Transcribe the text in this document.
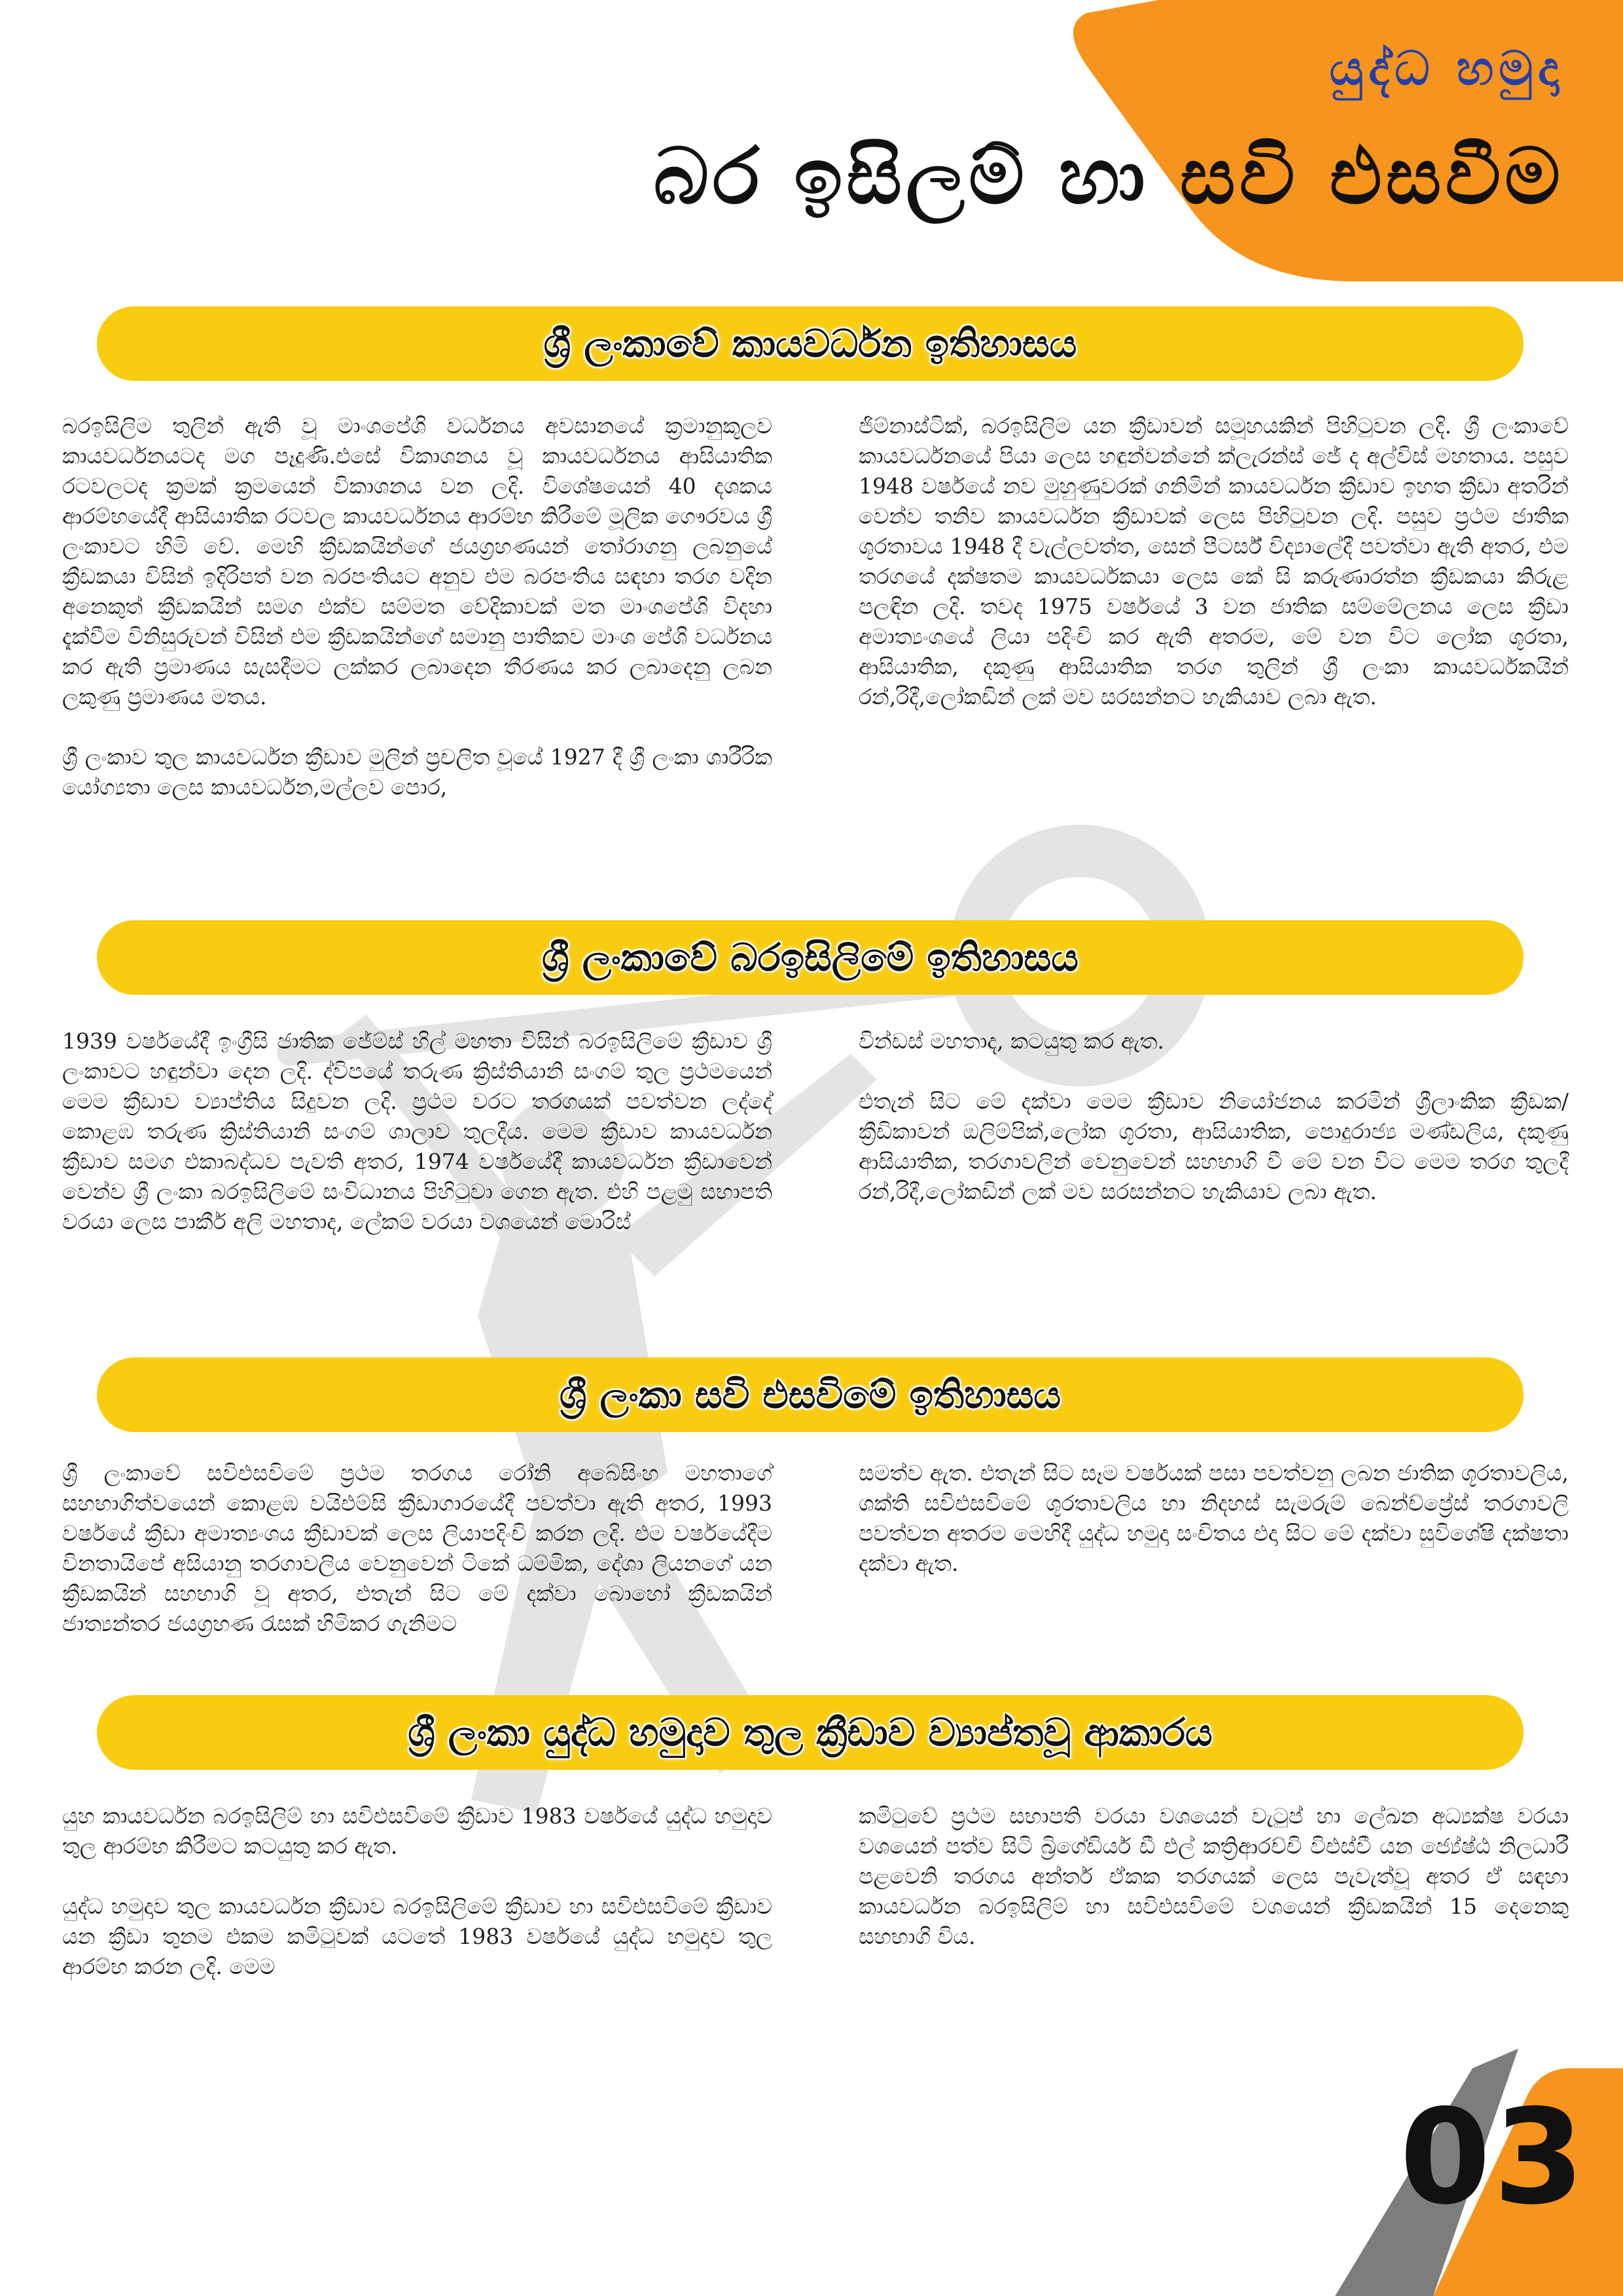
යුද්ධ හමුදා
බර ඉසිලම් හා සවි එසවීම
ශ්‍රී ලංකාවේ කායවර්ධන ඉතිහාසය

බරඉසිලිම තුලින් ඇති වූ මාංශපේශි වර්ධනය අවසානයේ ක්‍රමානුකූලව කායවර්ධනයටද මග පෑදුණි.එසේ විකාශනය වූ කායවර්ධනය ආසියාතික රටවලටද ක්‍රමක් ක්‍රමයෙන් විකාශනය වන ලදි. විශේෂයෙන් 40 දශකය ආරම්භයේදී ආසියාතික රටවල කායවර්ධනය ආරම්භ කිරීමේ මූලික ගෞරවය ශ්‍රී ලංකාවට හිමි වේ. මෙහි ක්‍රීඩකයින්ගේ ජයග්‍රහණයන් තෝරාගනු ලබනුයේ ක්‍රීඩකයා විසින් ඉදිරිපත් වන බරපංතියට අනුව එම බරපංතිය සඳහා තරග වදින අනෙකුත් ක්‍රීඩකයින් සමග එක්ව සම්මත වේදිකාවක් මත මාංශපේශි විදහා දැක්වීම විනිසුරුවන් විසින් එම ක්‍රීඩකයින්ගේ සමානු පාතිකව මාංශ පේශි වර්ධනය කර ඇති ප්‍රමාණය සැසදීමට ලක්කර ලබාදෙන තීරණය කර ලබාදෙනු ලබන ලකුණු ප්‍රමාණය මතය.

ශ්‍රී ලංකාව තුල කායවර්ධන ක්‍රීඩාව මුලින් ප්‍රචලිත වූයේ 1927 දී ශ්‍රී ලංකා ශාරීරික යෝග්‍යතා ලෙස කායවර්ධන,මල්ලව පොර,

ජිම්නාස්ටික්, බරඉසිලිම යන ක්‍රීඩාවන් සමූහයකින් පිහිටුවන ලදි. ශ්‍රී ලංකාවේ කායවර්ධනයේ පියා ලෙස හඳුන්වන්නේ ක්ලැරන්ස් ජේ ද අල්විස් මහතාය. පසුව 1948 වර්ෂයේ නව මුහුණුවරක් ගනිමින් කායවර්ධන ක්‍රීඩාව ඉහත ක්‍රීඩා අතරින් වෙන්ව තනිව කායවර්ධන ක්‍රීඩාවක් ලෙස පිහිටුවන ලදි. පසුව ප්‍රථම ජාතික ශූරතාවය 1948 දී වැල්ලවත්ත, සෙන් පීටර්ස් විද්‍යාලේදී පවත්වා ඇති අතර, එම තරගයේ දක්ෂතම කායවර්ධකයා ලෙස කේ සි කරුණාරත්න ක්‍රීඩකයා කිරුළ පලඳින ලදි. තවද 1975 වර්ෂයේ 3 වන ජාතික සම්මේලනය ලෙස ක්‍රීඩා අමාත්‍යංශයේ ලියා පදිංචි කර ඇති අතරම, මේ වන විට ලෝක ශූරතා, ආසියාතික, දකුණු ආසියාතික තරග තුලින් ශ්‍රී ලංකා කායවර්ධකයින් රන්,රිදී,ලෝකඩින් ලක් මව සරසන්නට හැකියාව ලබා ඇත.

ශ්‍රී ලංකාවේ බරඉසිලිමේ ඉතිහාසය

1939 වර්ෂයේදී ඉංග්‍රීසි ජාතික ජේම්ස් හිල් මහතා විසින් බරඉසිලිමේ ක්‍රීඩාව ශ්‍රී ලංකාවට හඳුන්වා දෙන ලදි. ද්විපයේ තරුණ ක්‍රිස්තියානි සංගම් තුල ප්‍රථමයෙන් මෙම ක්‍රීඩාව ව්‍යාප්තිය සිදුවන ලදි. ප්‍රථම වරට තරගයක් පවත්වන ලද්දේ කොළඹ තරුණ ක්‍රිස්තියානි සංගම් ශාලාව තුලදීය. මෙම ක්‍රීඩාව කායවර්ධන ක්‍රීඩාව සමග එකාබද්ධව පැවති අතර, 1974 වර්ෂයේදී කායවර්ධන ක්‍රීඩාවෙන් වෙන්ව ශ්‍රී ලංකා බරඉසිලිමේ සංවිධානය පිහිටුවා ගෙන ඇත. එහි පළමු සභාපති වරයා ලෙස පාකීර් අලි මහතාද, ලේකම් වරයා වශයෙන් මොරිස්

වින්ඩස් මහතාද, කටයුතු කර ඇත.

එතැන් සිට මේ දක්වා මෙම ක්‍රීඩාව නියෝජනය කරමින් ශ්‍රීලාංකික ක්‍රීඩක/ක්‍රීඩිකාවන් ඔලිම්පික්,ලෝක ශූරතා, ආසියාතික, පොදුරාජ්‍ය මණ්ඩලිය, දකුණු ආසියාතික, තරගාවලින් වෙනුවෙන් සහභාගි වී මේ වන විට මෙම තරග තුලදී රන්,රිදී,ලෝකඩින් ලක් මව සරසන්නට හැකියාව ලබා ඇත.

ශ්‍රී ලංකා සවි එසවිමේ ඉතිහාසය

ශ්‍රී ලංකාවේ සවිඑසවිමේ ප්‍රථම තරගය රෝනි අබේසිංහ මහතාගේ සහභාගිත්වයෙන් කොළඹ වයිඑම්සි ක්‍රීඩාගාරයේදී පවත්වා ඇති අතර, 1993 වර්ෂයේ ක්‍රීඩා අමාත්‍යංශය ක්‍රීඩාවක් ලෙස ලියාපදිංචි කරන ලදි. එම වර්ෂයේදීම විනතායිපේ අසියානු තරගාවලිය වෙනුවෙන් ටිකේ ධම්මික, දේශා ලියනගේ යන ක්‍රීඩකයින් සහභාගි වූ අතර, එතැන් සිට මේ දක්වා බොහෝ ක්‍රීඩකයින් ජාත්‍යන්තර ජයග්‍රහණ රැසක් හිමිකර ගැනිමට

සමත්ව ඇත. එතැන් සිට සෑම වර්ෂයක් පසා පවත්වනු ලබන ජාතික ශූරතාවලිය, ශක්ති සවිඑසවිමේ ශූරතාවලිය හා නිදහස් සැමරුම් බෙන්ච්ප්‍රේස් තරගාවලි පවත්වන අතරම මෙහිදී යුද්ධ හමුදා සංචිතය එදා සිට මේ දක්වා සුවිශේෂි දක්ෂතා දක්වා ඇත.

ශ්‍රී ලංකා යුද්ධ හමුදාව තුල ක්‍රීඩාව ව්‍යාප්තවූ ආකාරය

යුහ කායවර්ධන බරඉසිලිම් හා සවිඑසවිමේ ක්‍රීඩාව 1983 වර්ෂයේ යුද්ධ හමුදාව තුල ආරම්භ කිරීමට කටයුතු කර ඇත.

යුද්ධ හමුදාව තුල කායවර්ධන ක්‍රීඩාව බරඉසිලිමේ ක්‍රීඩාව හා සවිඑසවිමේ ක්‍රීඩාව යන ක්‍රීඩා තුනම එකම කමිටුවක් යටතේ 1983 වර්ෂයේ යුද්ධ හමුදාව තුල ආරම්භ කරන ලදි. මෙම

කමිටුවේ ප්‍රථම සභාපති වරයා වශයෙන් වැටුප් හා ලේඛන අධ්‍යක්ෂ වරයා වශයෙන් පත්ව සිටි බ්‍රිගේඩියර් ඩී එල් කත්‍රිආරච්චි විඑස්වී යන ජ්‍යේෂ්ඨ නිලධාරී පළවෙනි තරගය අන්තර් ඒකක තරගයක් ලෙස පැවැත්වූ අතර ඒ සඳහා කායවර්ධන බරඉසිලිම් හා සවිඑසවිමේ වශයෙන් ක්‍රීඩකයින් 15 දෙනෙකු සහභාගි විය.

03
